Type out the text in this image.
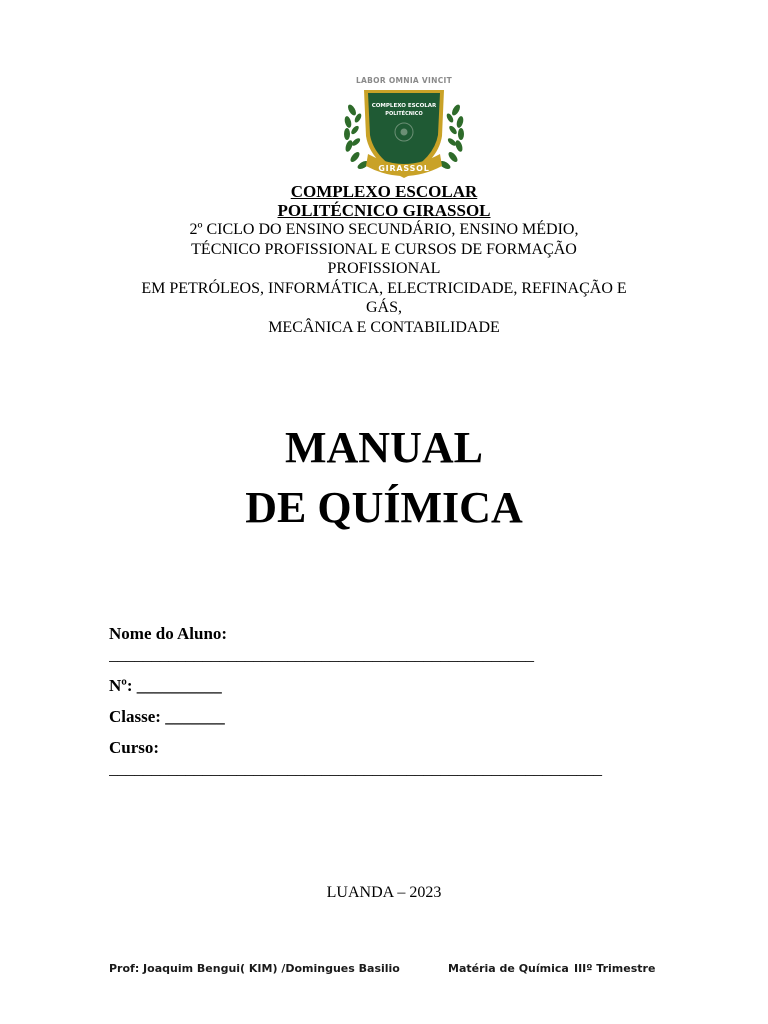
LABOR OMNIA VINCIT
COMPLEXO ESCOLAR
POLITÉCNICO
GIRASSOL

COMPLEXO ESCOLAR

POLITÉCNICO GIRASSOL

2º CICLO DO ENSINO SECUNDÁRIO, ENSINO MÉDIO,

TÉCNICO PROFISSIONAL E CURSOS DE FORMAÇÃO

PROFISSIONAL

EM PETRÓLEOS, INFORMÁTICA, ELECTRICIDADE, REFINAÇÃO E

GÁS,

MECÂNICA E CONTABILIDADE

MANUAL

DE QUÍMICA

Nome do Aluno:

__________________________________________________

Nº: __________

Classe: _______

Curso:

__________________________________________________________

LUANDA – 2023
Prof: Joaquim Bengui( KIM) /Domingues Basilio	Matéria de Química IIIº Trimestre
